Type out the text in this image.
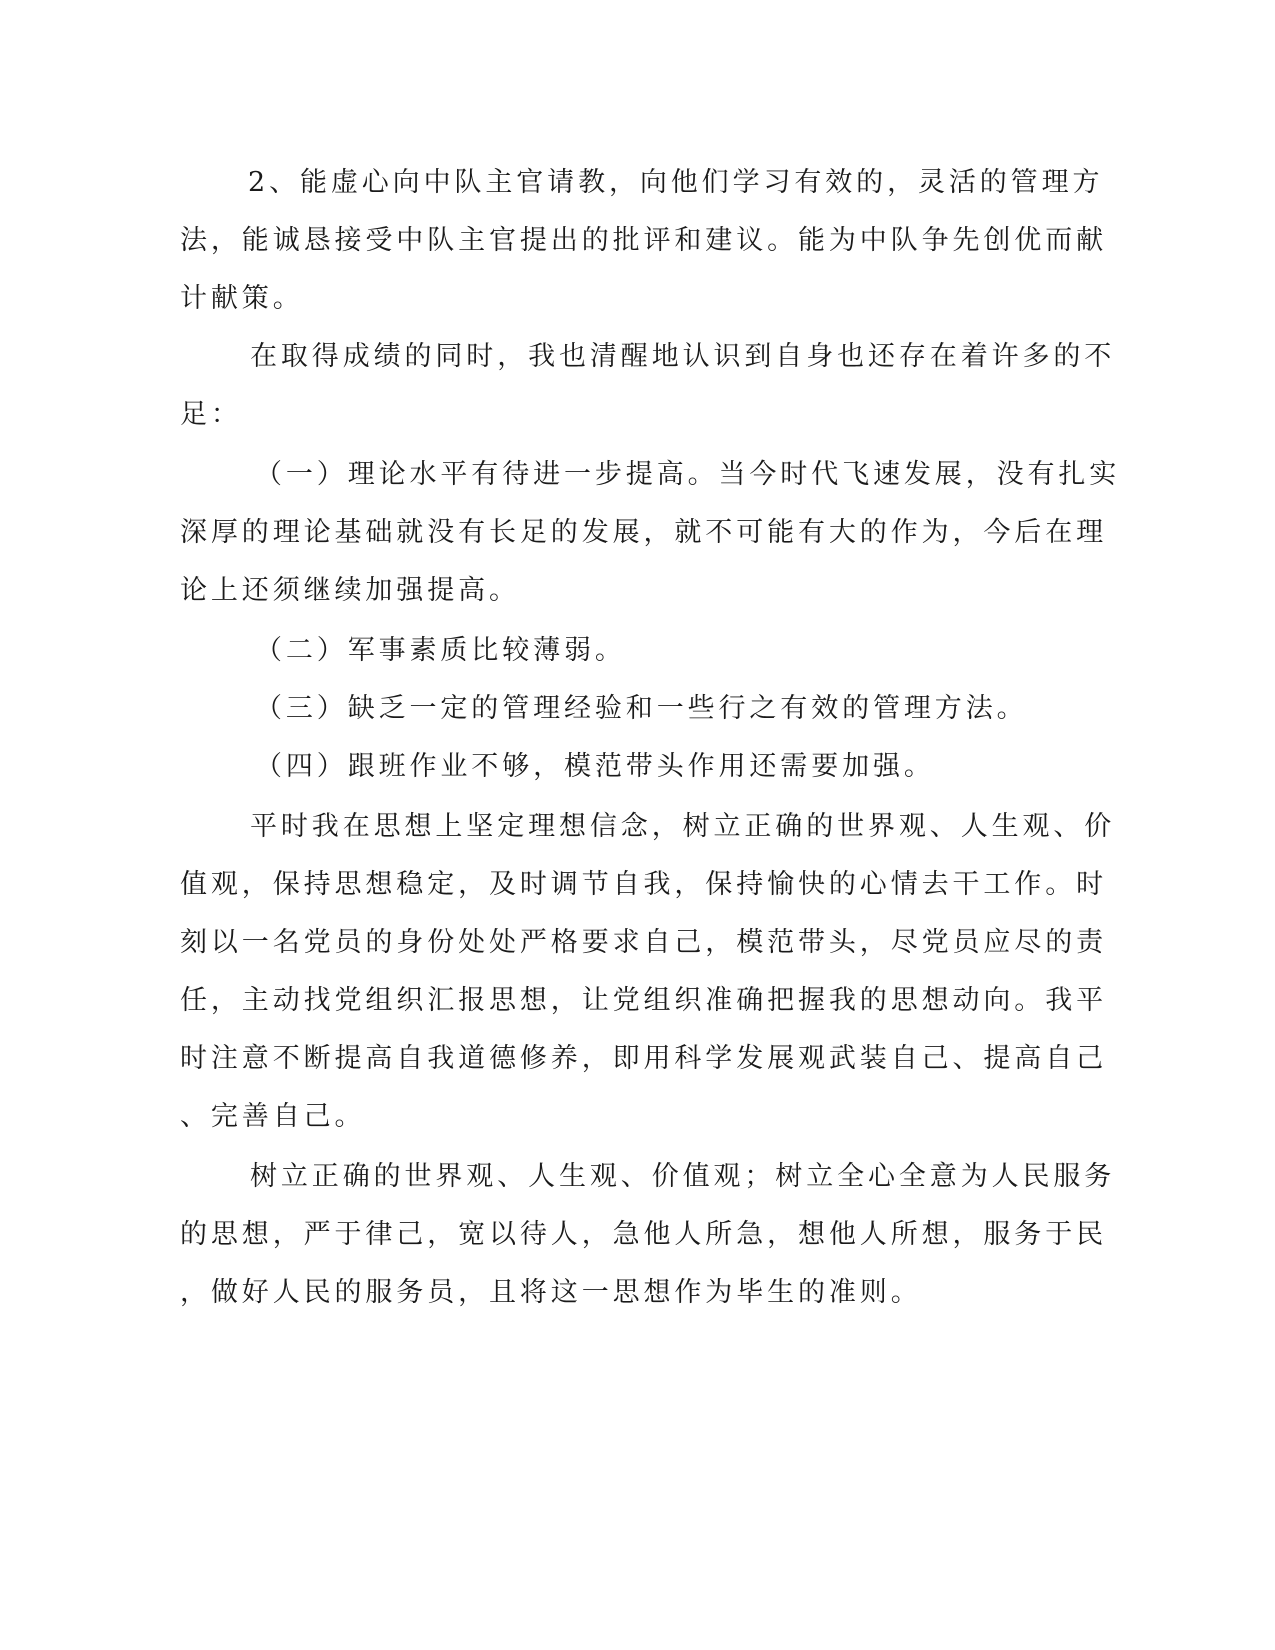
2、能虚心向中队主官请教，向他们学习有效的，灵活的管理方
法，能诚恳接受中队主官提出的批评和建议。能为中队争先创优而献
计献策。
在取得成绩的同时，我也清醒地认识到自身也还存在着许多的不
足：
（一）理论水平有待进一步提高。当今时代飞速发展，没有扎实
深厚的理论基础就没有长足的发展，就不可能有大的作为，今后在理
论上还须继续加强提高。
（二）军事素质比较薄弱。
（三）缺乏一定的管理经验和一些行之有效的管理方法。
（四）跟班作业不够，模范带头作用还需要加强。
平时我在思想上坚定理想信念，树立正确的世界观、人生观、价
值观，保持思想稳定，及时调节自我，保持愉快的心情去干工作。时
刻以一名党员的身份处处严格要求自己，模范带头，尽党员应尽的责
任，主动找党组织汇报思想，让党组织准确把握我的思想动向。我平
时注意不断提高自我道德修养，即用科学发展观武装自己、提高自己
、完善自己。
树立正确的世界观、人生观、价值观；树立全心全意为人民服务
的思想，严于律己，宽以待人，急他人所急，想他人所想，服务于民
，做好人民的服务员，且将这一思想作为毕生的准则。
